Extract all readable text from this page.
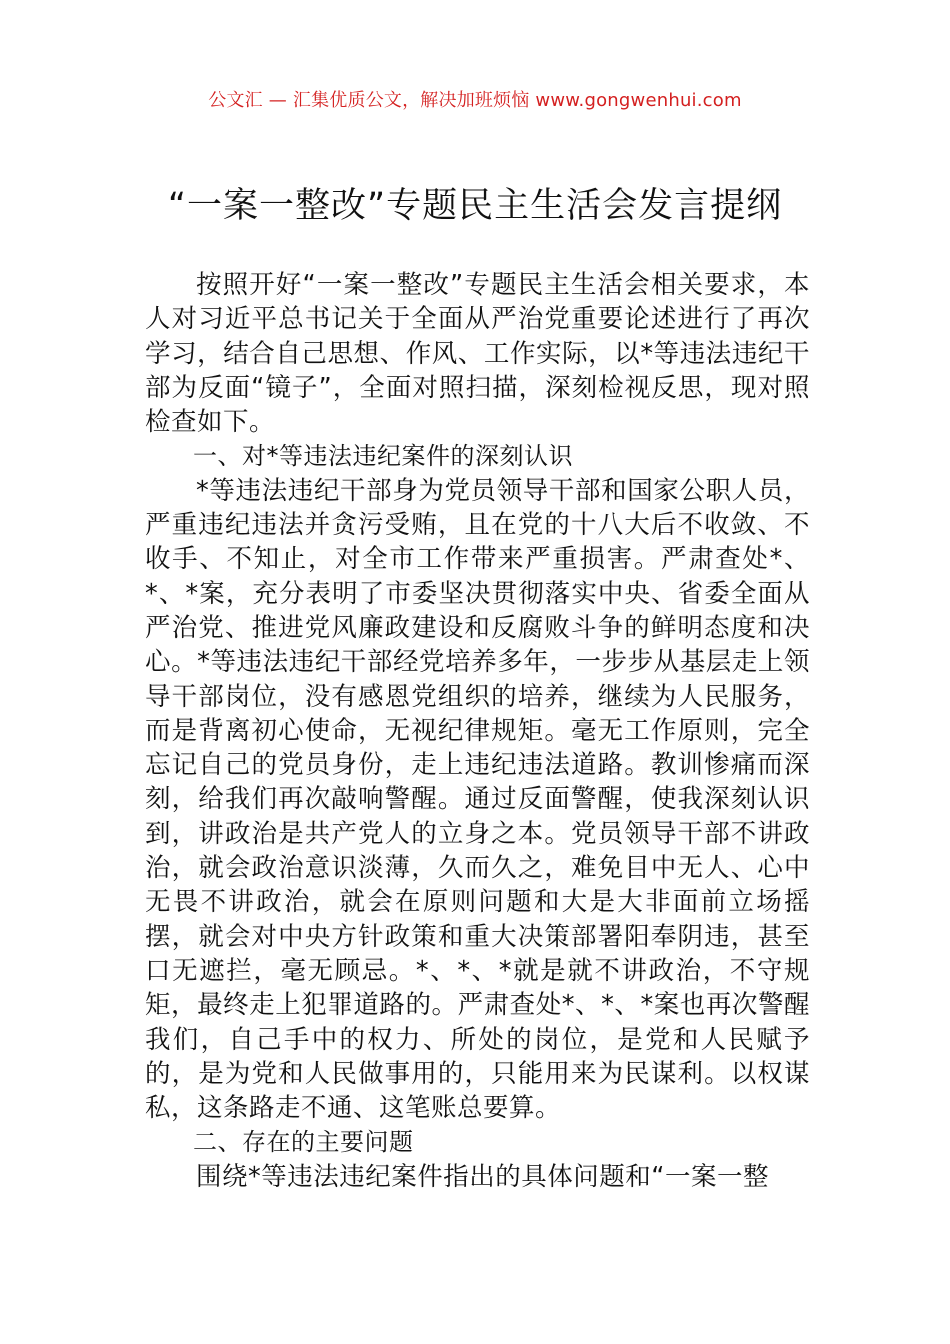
公文汇 — 汇集优质公文，解决加班烦恼 www.gongwenhui.com
“一案一整改”专题民主生活会发言提纲

按照开好“一案一整改”专题民主生活会相关要求，本人对习近平总书记关于全面从严治党重要论述进行了再次学习，结合自己思想、作风、工作实际，以*等违法违纪干部为反面“镜子”，全面对照扫描，深刻检视反思，现对照检查如下。

一、对*等违法违纪案件的深刻认识

*等违法违纪干部身为党员领导干部和国家公职人员，严重违纪违法并贪污受贿，且在党的十八大后不收敛、不收手、不知止，对全市工作带来严重损害。严肃查处*、*、*案，充分表明了市委坚决贯彻落实中央、省委全面从严治党、推进党风廉政建设和反腐败斗争的鲜明态度和决心。*等违法违纪干部经党培养多年，一步步从基层走上领导干部岗位，没有感恩党组织的培养，继续为人民服务，而是背离初心使命，无视纪律规矩。毫无工作原则，完全忘记自己的党员身份，走上违纪违法道路。教训惨痛而深刻，给我们再次敲响警醒。通过反面警醒，使我深刻认识到，讲政治是共产党人的立身之本。党员领导干部不讲政治，就会政治意识淡薄，久而久之，难免目中无人、心中无畏不讲政治，就会在原则问题和大是大非面前立场摇摆，就会对中央方针政策和重大决策部署阳奉阴违，甚至口无遮拦，毫无顾忌。*、*、*就是就不讲政治，不守规矩，最终走上犯罪道路的。严肃查处*、*、*案也再次警醒我们，自己手中的权力、所处的岗位，是党和人民赋予的，是为党和人民做事用的，只能用来为民谋利。以权谋私，这条路走不通、这笔账总要算。

二、存在的主要问题

围绕*等违法违纪案件指出的具体问题和“一案一整
